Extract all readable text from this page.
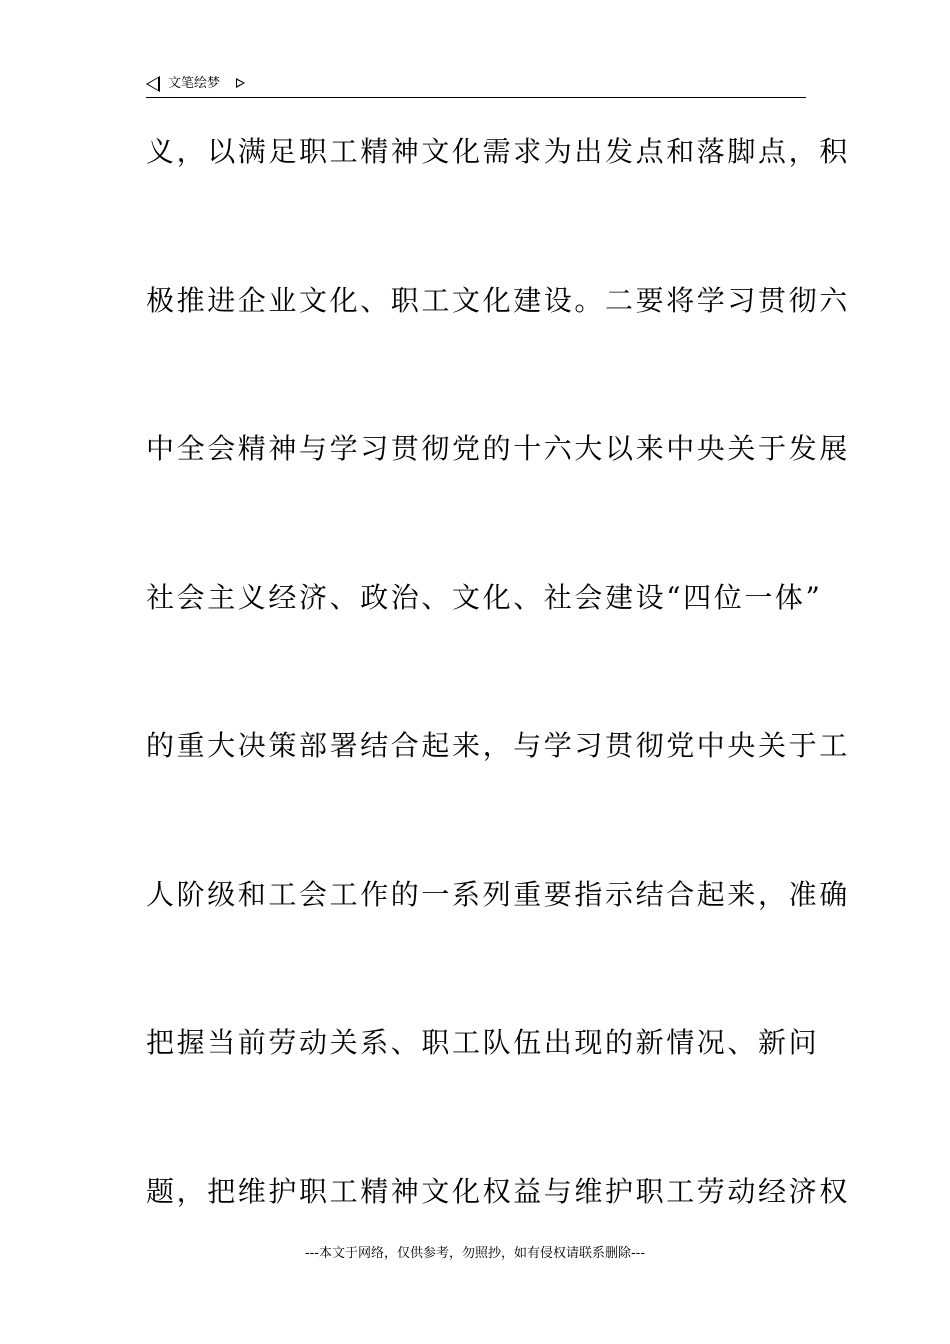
文笔绘梦
义，以满足职工精神文化需求为出发点和落脚点，积
极推进企业文化、职工文化建设。二要将学习贯彻六
中全会精神与学习贯彻党的十六大以来中央关于发展
社会主义经济、政治、文化、社会建设“四位一体”
的重大决策部署结合起来，与学习贯彻党中央关于工
人阶级和工会工作的一系列重要指示结合起来，准确
把握当前劳动关系、职工队伍出现的新情况、新问
题，把维护职工精神文化权益与维护职工劳动经济权
---本文于网络，仅供参考，勿照抄，如有侵权请联系删除---
